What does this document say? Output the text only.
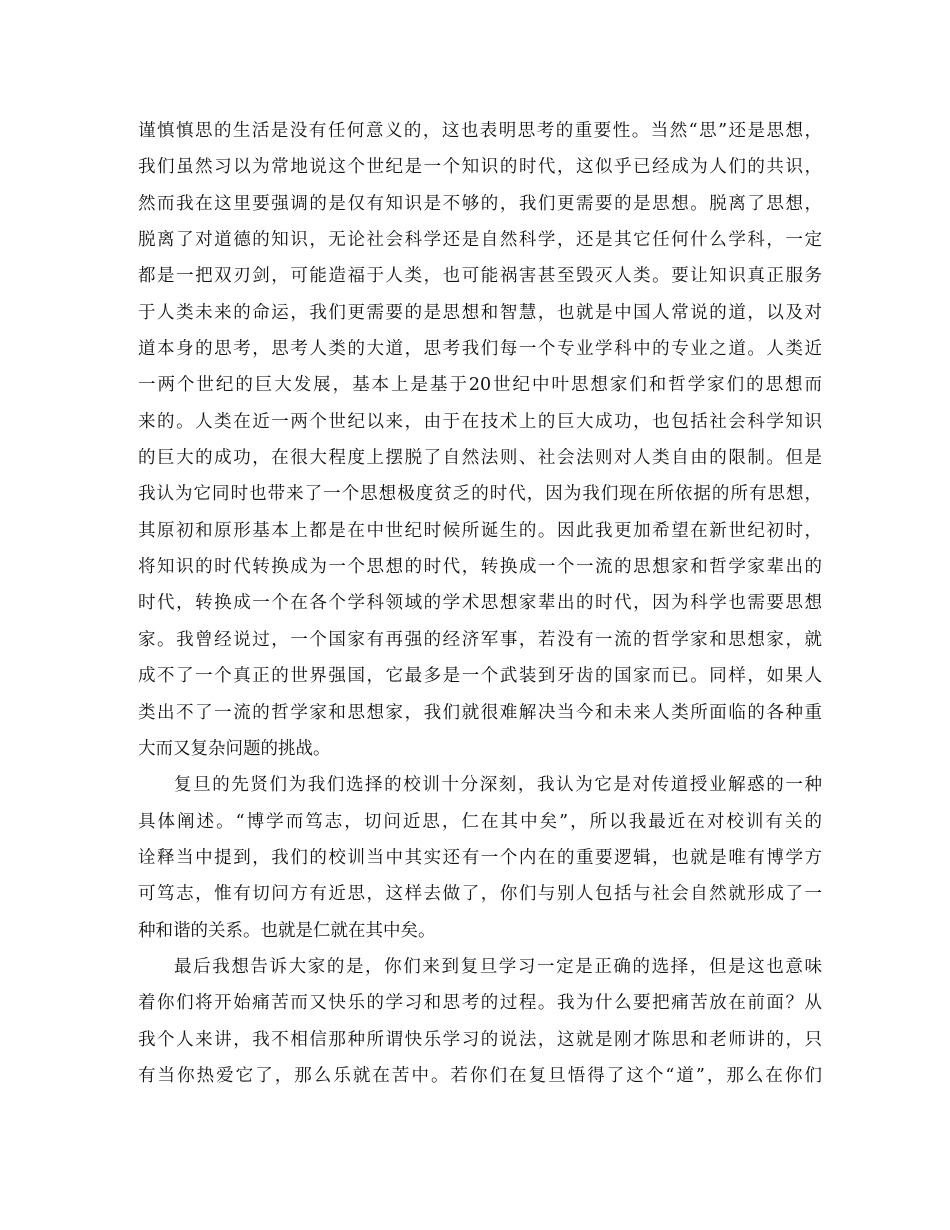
谨慎慎思的生活是没有任何意义的，这也表明思考的重要性。当然“思”还是思想，
我们虽然习以为常地说这个世纪是一个知识的时代，这似乎已经成为人们的共识，
然而我在这里要强调的是仅有知识是不够的，我们更需要的是思想。脱离了思想，
脱离了对道德的知识，无论社会科学还是自然科学，还是其它任何什么学科，一定
都是一把双刃剑，可能造福于人类，也可能祸害甚至毁灭人类。要让知识真正服务
于人类未来的命运，我们更需要的是思想和智慧，也就是中国人常说的道，以及对
道本身的思考，思考人类的大道，思考我们每一个专业学科中的专业之道。人类近
一两个世纪的巨大发展，基本上是基于20世纪中叶思想家们和哲学家们的思想而
来的。人类在近一两个世纪以来，由于在技术上的巨大成功，也包括社会科学知识
的巨大的成功，在很大程度上摆脱了自然法则、社会法则对人类自由的限制。但是
我认为它同时也带来了一个思想极度贫乏的时代，因为我们现在所依据的所有思想，
其原初和原形基本上都是在中世纪时候所诞生的。因此我更加希望在新世纪初时，
将知识的时代转换成为一个思想的时代，转换成一个一流的思想家和哲学家辈出的
时代，转换成一个在各个学科领域的学术思想家辈出的时代，因为科学也需要思想
家。我曾经说过，一个国家有再强的经济军事，若没有一流的哲学家和思想家，就
成不了一个真正的世界强国，它最多是一个武装到牙齿的国家而已。同样，如果人
类出不了一流的哲学家和思想家，我们就很难解决当今和未来人类所面临的各种重
大而又复杂问题的挑战。

复旦的先贤们为我们选择的校训十分深刻，我认为它是对传道授业解惑的一种
具体阐述。“博学而笃志，切问近思，仁在其中矣”，所以我最近在对校训有关的
诠释当中提到，我们的校训当中其实还有一个内在的重要逻辑，也就是唯有博学方
可笃志，惟有切问方有近思，这样去做了，你们与别人包括与社会自然就形成了一
种和谐的关系。也就是仁就在其中矣。

最后我想告诉大家的是，你们来到复旦学习一定是正确的选择，但是这也意味
着你们将开始痛苦而又快乐的学习和思考的过程。我为什么要把痛苦放在前面？从
我个人来讲，我不相信那种所谓快乐学习的说法，这就是刚才陈思和老师讲的，只
有当你热爱它了，那么乐就在苦中。若你们在复旦悟得了这个“道”，那么在你们
